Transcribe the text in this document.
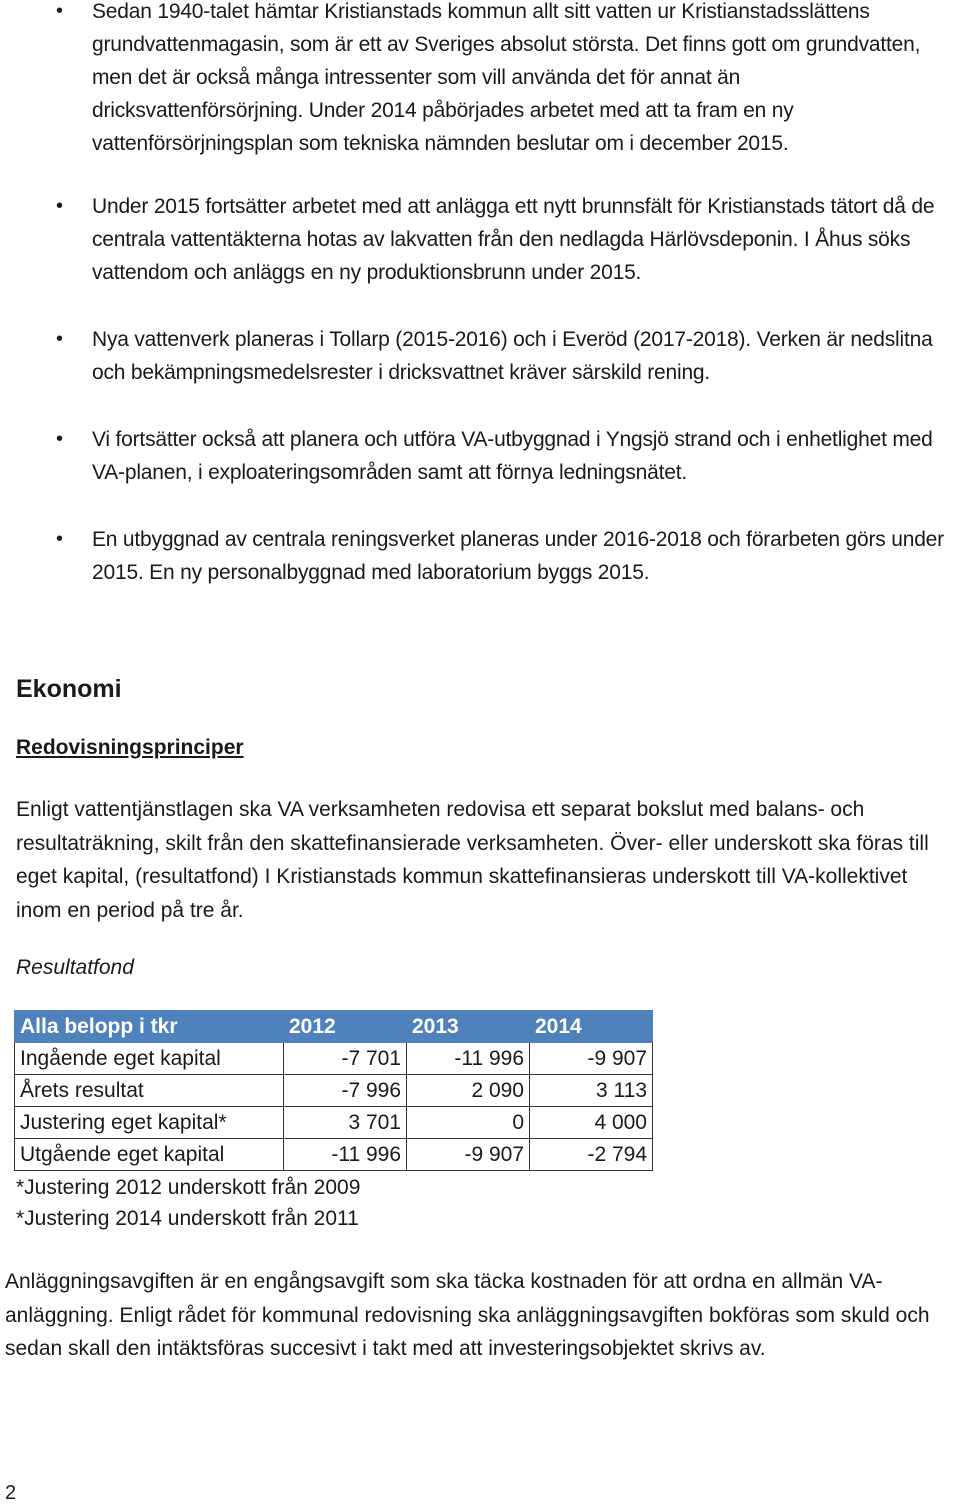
• Sedan 1940-talet hämtar Kristianstads kommun allt sitt vatten ur Kristianstadsslättens grundvattenmagasin, som är ett av Sveriges absolut största. Det finns gott om grundvatten, men det är också många intressenter som vill använda det för annat än dricksvattenförsörjning. Under 2014 påbörjades arbetet med att ta fram en ny vattenförsörjningsplan som tekniska nämnden beslutar om i december 2015.
• Under 2015 fortsätter arbetet med att anlägga ett nytt brunnsfält för Kristianstads tätort då de centrala vattentäkterna hotas av lakvatten från den nedlagda Härlövsdeponin. I Åhus söks vattendom och anläggs en ny produktionsbrunn under 2015.
• Nya vattenverk planeras i Tollarp (2015-2016) och i Everöd (2017-2018). Verken är nedslitna och bekämpningsmedelsrester i dricksvattnet kräver särskild rening.
• Vi fortsätter också att planera och utföra VA-utbyggnad i Yngsjö strand och i enhetlighet med VA-planen, i exploateringsområden samt att förnya ledningsnätet.
• En utbyggnad av centrala reningsverket planeras under 2016-2018 och förarbeten görs under 2015. En ny personalbyggnad med laboratorium byggs 2015.
Ekonomi
Redovisningsprinciper
Enligt vattentjänstlagen ska VA verksamheten redovisa ett separat bokslut med balans- och resultaträkning, skilt från den skattefinansierade verksamheten. Över- eller underskott ska föras till eget kapital, (resultatfond) I Kristianstads kommun skattefinansieras underskott till VA-kollektivet inom en period på tre år.
Resultatfond
Alla belopp i tkr	2012	2013	2014
Ingående eget kapital	-7 701	-11 996	-9 907
Årets resultat	-7 996	2 090	3 113
Justering eget kapital*	3 701	0	4 000
Utgående eget kapital	-11 996	-9 907	-2 794
*Justering 2012 underskott från 2009
*Justering 2014 underskott från 2011
Anläggningsavgiften är en engångsavgift som ska täcka kostnaden för att ordna en allmän VA-anläggning. Enligt rådet för kommunal redovisning ska anläggningsavgiften bokföras som skuld och sedan skall den intäktsföras succesivt i takt med att investeringsobjektet skrivs av.
2
